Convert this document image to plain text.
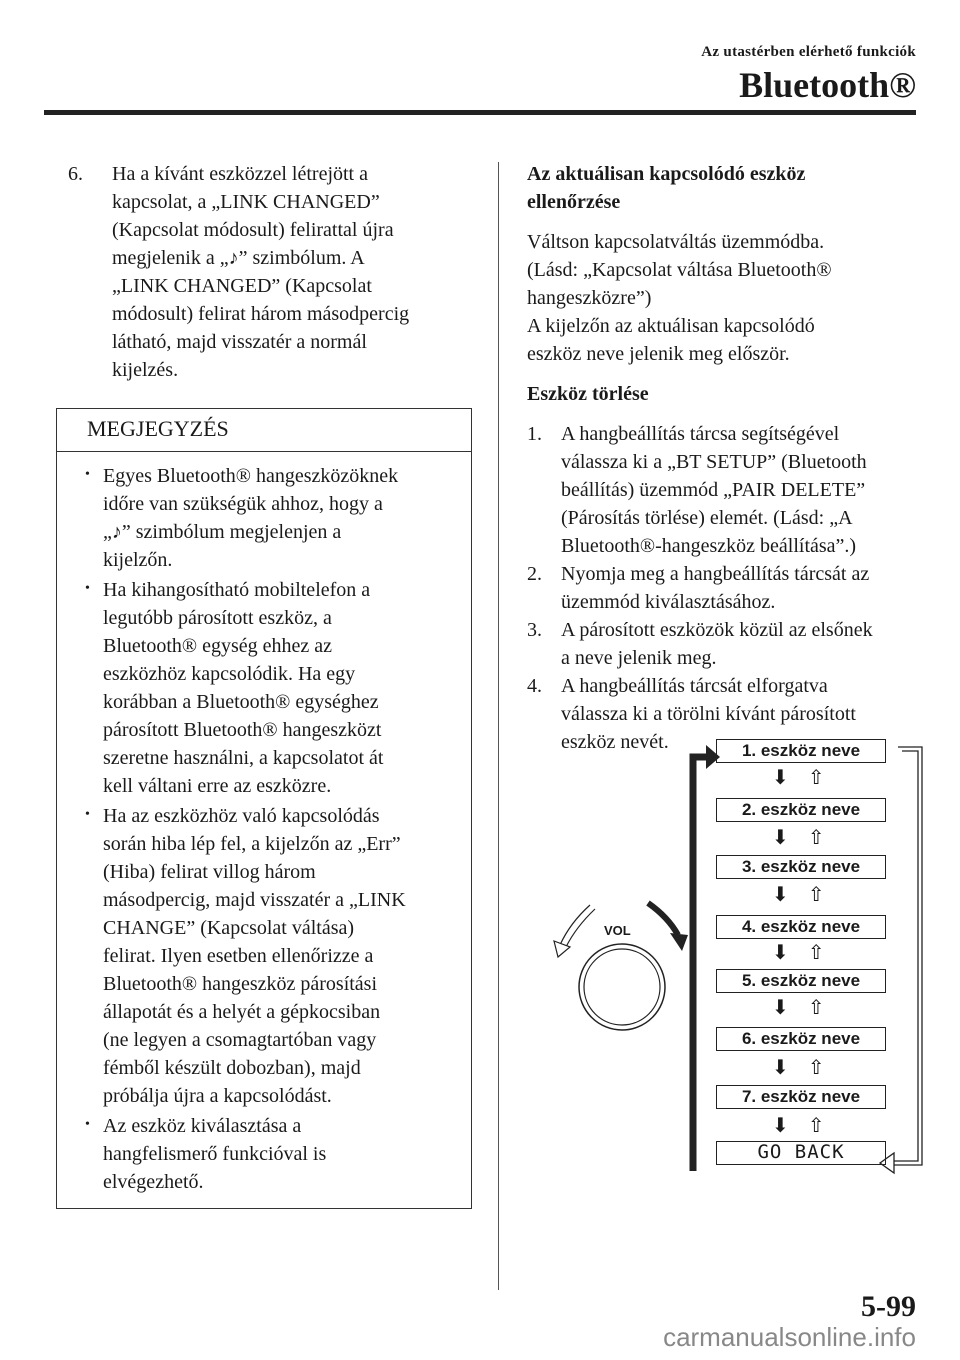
Az utastérben elérhető funkciók
Bluetooth®
6. Ha a kívánt eszközzel létrejött a
kapcsolat, a „LINK CHANGED”
(Kapcsolat módosult) felirattal újra
megjelenik a „♪” szimbólum. A
„LINK CHANGED” (Kapcsolat
módosult) felirat három másodpercig
látható, majd visszatér a normál
kijelzés.
MEGJEGYZÉS
• Egyes Bluetooth® hangeszközöknek
időre van szükségük ahhoz, hogy a
„♪” szimbólum megjelenjen a
kijelzőn.
• Ha kihangosítható mobiltelefon a
legutóbb párosított eszköz, a
Bluetooth® egység ehhez az
eszközhöz kapcsolódik. Ha egy
korábban a Bluetooth® egységhez
párosított Bluetooth® hangeszközt
szeretne használni, a kapcsolatot át
kell váltani erre az eszközre.
• Ha az eszközhöz való kapcsolódás
során hiba lép fel, a kijelzőn az „Err”
(Hiba) felirat villog három
másodpercig, majd visszatér a „LINK
CHANGE” (Kapcsolat váltása)
felirat. Ilyen esetben ellenőrizze a
Bluetooth® hangeszköz párosítási
állapotát és a helyét a gépkocsiban
(ne legyen a csomagtartóban vagy
fémből készült dobozban), majd
próbálja újra a kapcsolódást.
• Az eszköz kiválasztása a
hangfelismerő funkcióval is
elvégezhető.
Az aktuálisan kapcsolódó eszköz
ellenőrzése
Váltson kapcsolatváltás üzemmódba.
(Lásd: „Kapcsolat váltása Bluetooth®
hangeszközre”)
A kijelzőn az aktuálisan kapcsolódó
eszköz neve jelenik meg először.
Eszköz törlése
1. A hangbeállítás tárcsa segítségével
válassza ki a „BT SETUP” (Bluetooth
beállítás) üzemmód „PAIR DELETE”
(Párosítás törlése) elemét. (Lásd: „A
Bluetooth®-hangeszköz beállítása”.)
2. Nyomja meg a hangbeállítás tárcsát az
üzemmód kiválasztásához.
3. A párosított eszközök közül az elsőnek
a neve jelenik meg.
4. A hangbeállítás tárcsát elforgatva
válassza ki a törölni kívánt párosított
eszköz nevét.
VOL
1. eszköz neve
⬇ ⇧
2. eszköz neve
⬇ ⇧
3. eszköz neve
⬇ ⇧
4. eszköz neve
⬇ ⇧
5. eszköz neve
⬇ ⇧
6. eszköz neve
⬇ ⇧
7. eszköz neve
⬇ ⇧
GO BACK
5-99
carmanualsonline.info
